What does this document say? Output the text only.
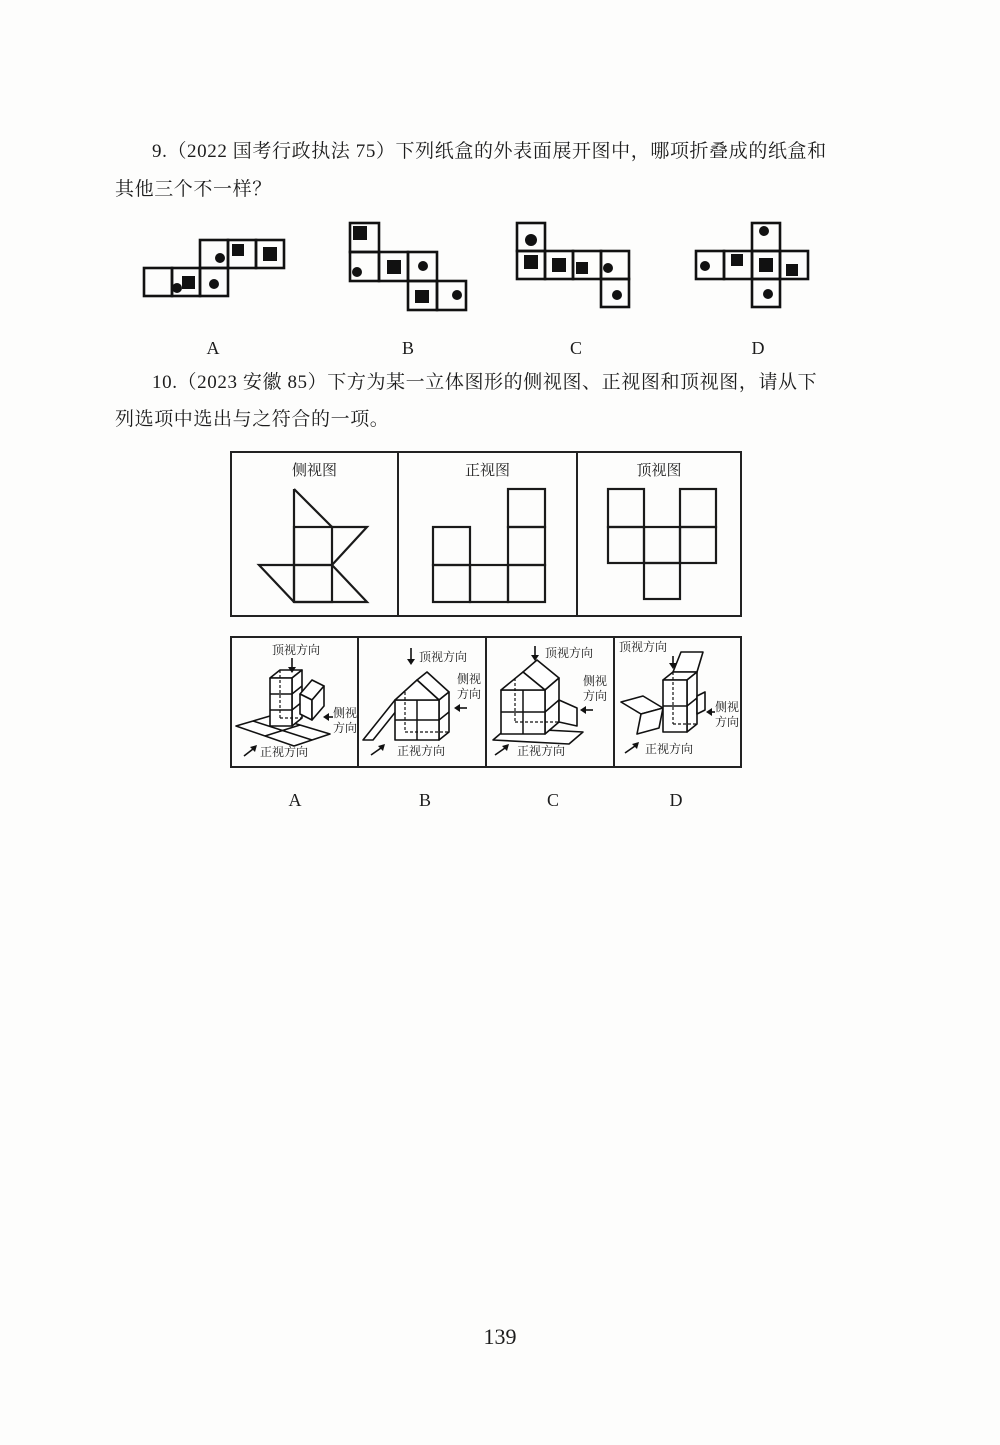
9.（2022 国考行政执法 75）下列纸盒的外表面展开图中，哪项折叠成的纸盒和
其他三个不一样？
A	B	C	D
10.（2023 安徽 85）下方为某一立体图形的侧视图、正视图和顶视图，请从下
列选项中选出与之符合的一项。
侧视图	正视图	顶视图
顶视方向
侧视
方向
正视方向
顶视方向
侧视
方向
正视方向
顶视方向
侧视
方向
正视方向
顶视方向
侧视
方向
正视方向
A	B	C	D
139
